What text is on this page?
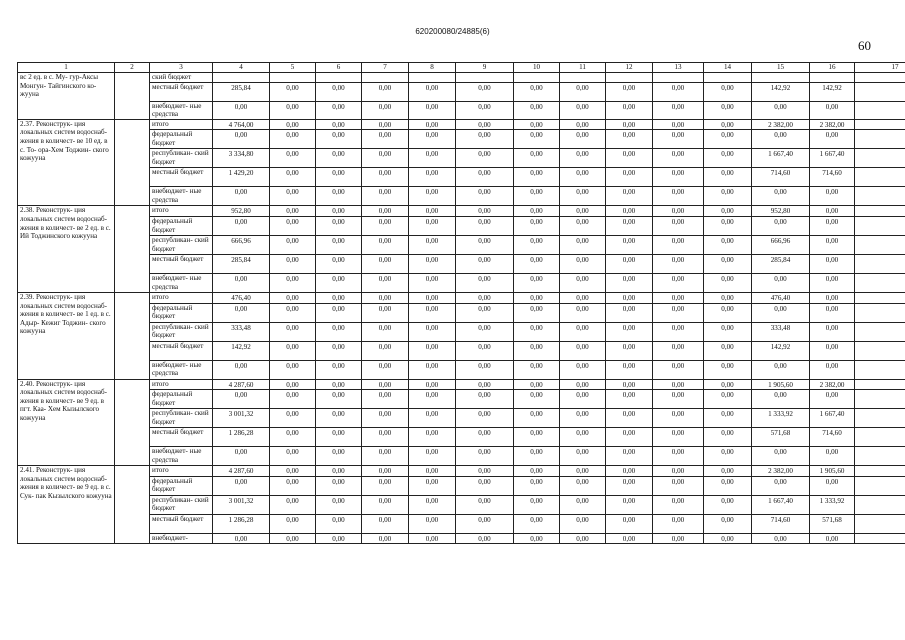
620200080/24885(6)
60
1	2	3	4	5	6	7	8	9	10	11	12	13	14	15	16	17
вс 2 ед. в с. Му- гур-Аксы Монгун- Тайгинского ко- жууна		ский бюджет														
		местный бюджет	285,84	0,00	0,00	0,00	0,00	0,00	0,00	0,00	0,00	0,00	0,00	142,92	142,92	
		внебюджет- ные средства	0,00	0,00	0,00	0,00	0,00	0,00	0,00	0,00	0,00	0,00	0,00	0,00	0,00	
2.37. Реконструк- ция локальных систем водоснаб- жения в количест- ве 10 ед. в с. То- ора-Хем Тоджин- ского кожууна		итого	4 764,00	0,00	0,00	0,00	0,00	0,00	0,00	0,00	0,00	0,00	0,00	2 382,00	2 382,00	
		федеральный бюджет	0,00	0,00	0,00	0,00	0,00	0,00	0,00	0,00	0,00	0,00	0,00	0,00	0,00	
		республикан- ский бюджет	3 334,80	0,00	0,00	0,00	0,00	0,00	0,00	0,00	0,00	0,00	0,00	1 667,40	1 667,40	
		местный бюджет	1 429,20	0,00	0,00	0,00	0,00	0,00	0,00	0,00	0,00	0,00	0,00	714,60	714,60	
		внебюджет- ные средства	0,00	0,00	0,00	0,00	0,00	0,00	0,00	0,00	0,00	0,00	0,00	0,00	0,00	
2.38. Реконструк- ция локальных систем водоснаб- жения в количест- ве 2 ед. в с. Ий Тоджинского кожууна		итого	952,80	0,00	0,00	0,00	0,00	0,00	0,00	0,00	0,00	0,00	0,00	952,80	0,00	
		федеральный бюджет	0,00	0,00	0,00	0,00	0,00	0,00	0,00	0,00	0,00	0,00	0,00	0,00	0,00	
		республикан- ский бюджет	666,96	0,00	0,00	0,00	0,00	0,00	0,00	0,00	0,00	0,00	0,00	666,96	0,00	
		местный бюджет	285,84	0,00	0,00	0,00	0,00	0,00	0,00	0,00	0,00	0,00	0,00	285,84	0,00	
		внебюджет- ные средства	0,00	0,00	0,00	0,00	0,00	0,00	0,00	0,00	0,00	0,00	0,00	0,00	0,00	
2.39. Реконструк- ция локальных систем водоснаб- жения в количест- ве 1 ед. в с. Адыр- Кежиг Тоджин- ского кожууна		итого	476,40	0,00	0,00	0,00	0,00	0,00	0,00	0,00	0,00	0,00	0,00	476,40	0,00	
		федеральный бюджет	0,00	0,00	0,00	0,00	0,00	0,00	0,00	0,00	0,00	0,00	0,00	0,00	0,00	
		республикан- ский бюджет	333,48	0,00	0,00	0,00	0,00	0,00	0,00	0,00	0,00	0,00	0,00	333,48	0,00	
		местный бюджет	142,92	0,00	0,00	0,00	0,00	0,00	0,00	0,00	0,00	0,00	0,00	142,92	0,00	
		внебюджет- ные средства	0,00	0,00	0,00	0,00	0,00	0,00	0,00	0,00	0,00	0,00	0,00	0,00	0,00	
2.40. Реконструк- ция локальных систем водоснаб- жения в количест- ве 9 ед. в пгт. Каа- Хем Кызылского кожууна		итого	4 287,60	0,00	0,00	0,00	0,00	0,00	0,00	0,00	0,00	0,00	0,00	1 905,60	2 382,00	
		федеральный бюджет	0,00	0,00	0,00	0,00	0,00	0,00	0,00	0,00	0,00	0,00	0,00	0,00	0,00	
		республикан- ский бюджет	3 001,32	0,00	0,00	0,00	0,00	0,00	0,00	0,00	0,00	0,00	0,00	1 333,92	1 667,40	
		местный бюджет	1 286,28	0,00	0,00	0,00	0,00	0,00	0,00	0,00	0,00	0,00	0,00	571,68	714,60	
		внебюджет- ные средства	0,00	0,00	0,00	0,00	0,00	0,00	0,00	0,00	0,00	0,00	0,00	0,00	0,00	
2.41. Реконструк- ция локальных систем водоснаб- жения в количест- ве 9 ед. в с. Сук- пак Кызылского кожууна		итого	4 287,60	0,00	0,00	0,00	0,00	0,00	0,00	0,00	0,00	0,00	0,00	2 382,00	1 905,60	
		федеральный бюджет	0,00	0,00	0,00	0,00	0,00	0,00	0,00	0,00	0,00	0,00	0,00	0,00	0,00	
		республикан- ский бюджет	3 001,32	0,00	0,00	0,00	0,00	0,00	0,00	0,00	0,00	0,00	0,00	1 667,40	1 333,92	
		местный бюджет	1 286,28	0,00	0,00	0,00	0,00	0,00	0,00	0,00	0,00	0,00	0,00	714,60	571,68	
		внебюджет-	0,00	0,00	0,00	0,00	0,00	0,00	0,00	0,00	0,00	0,00	0,00	0,00	0,00	
